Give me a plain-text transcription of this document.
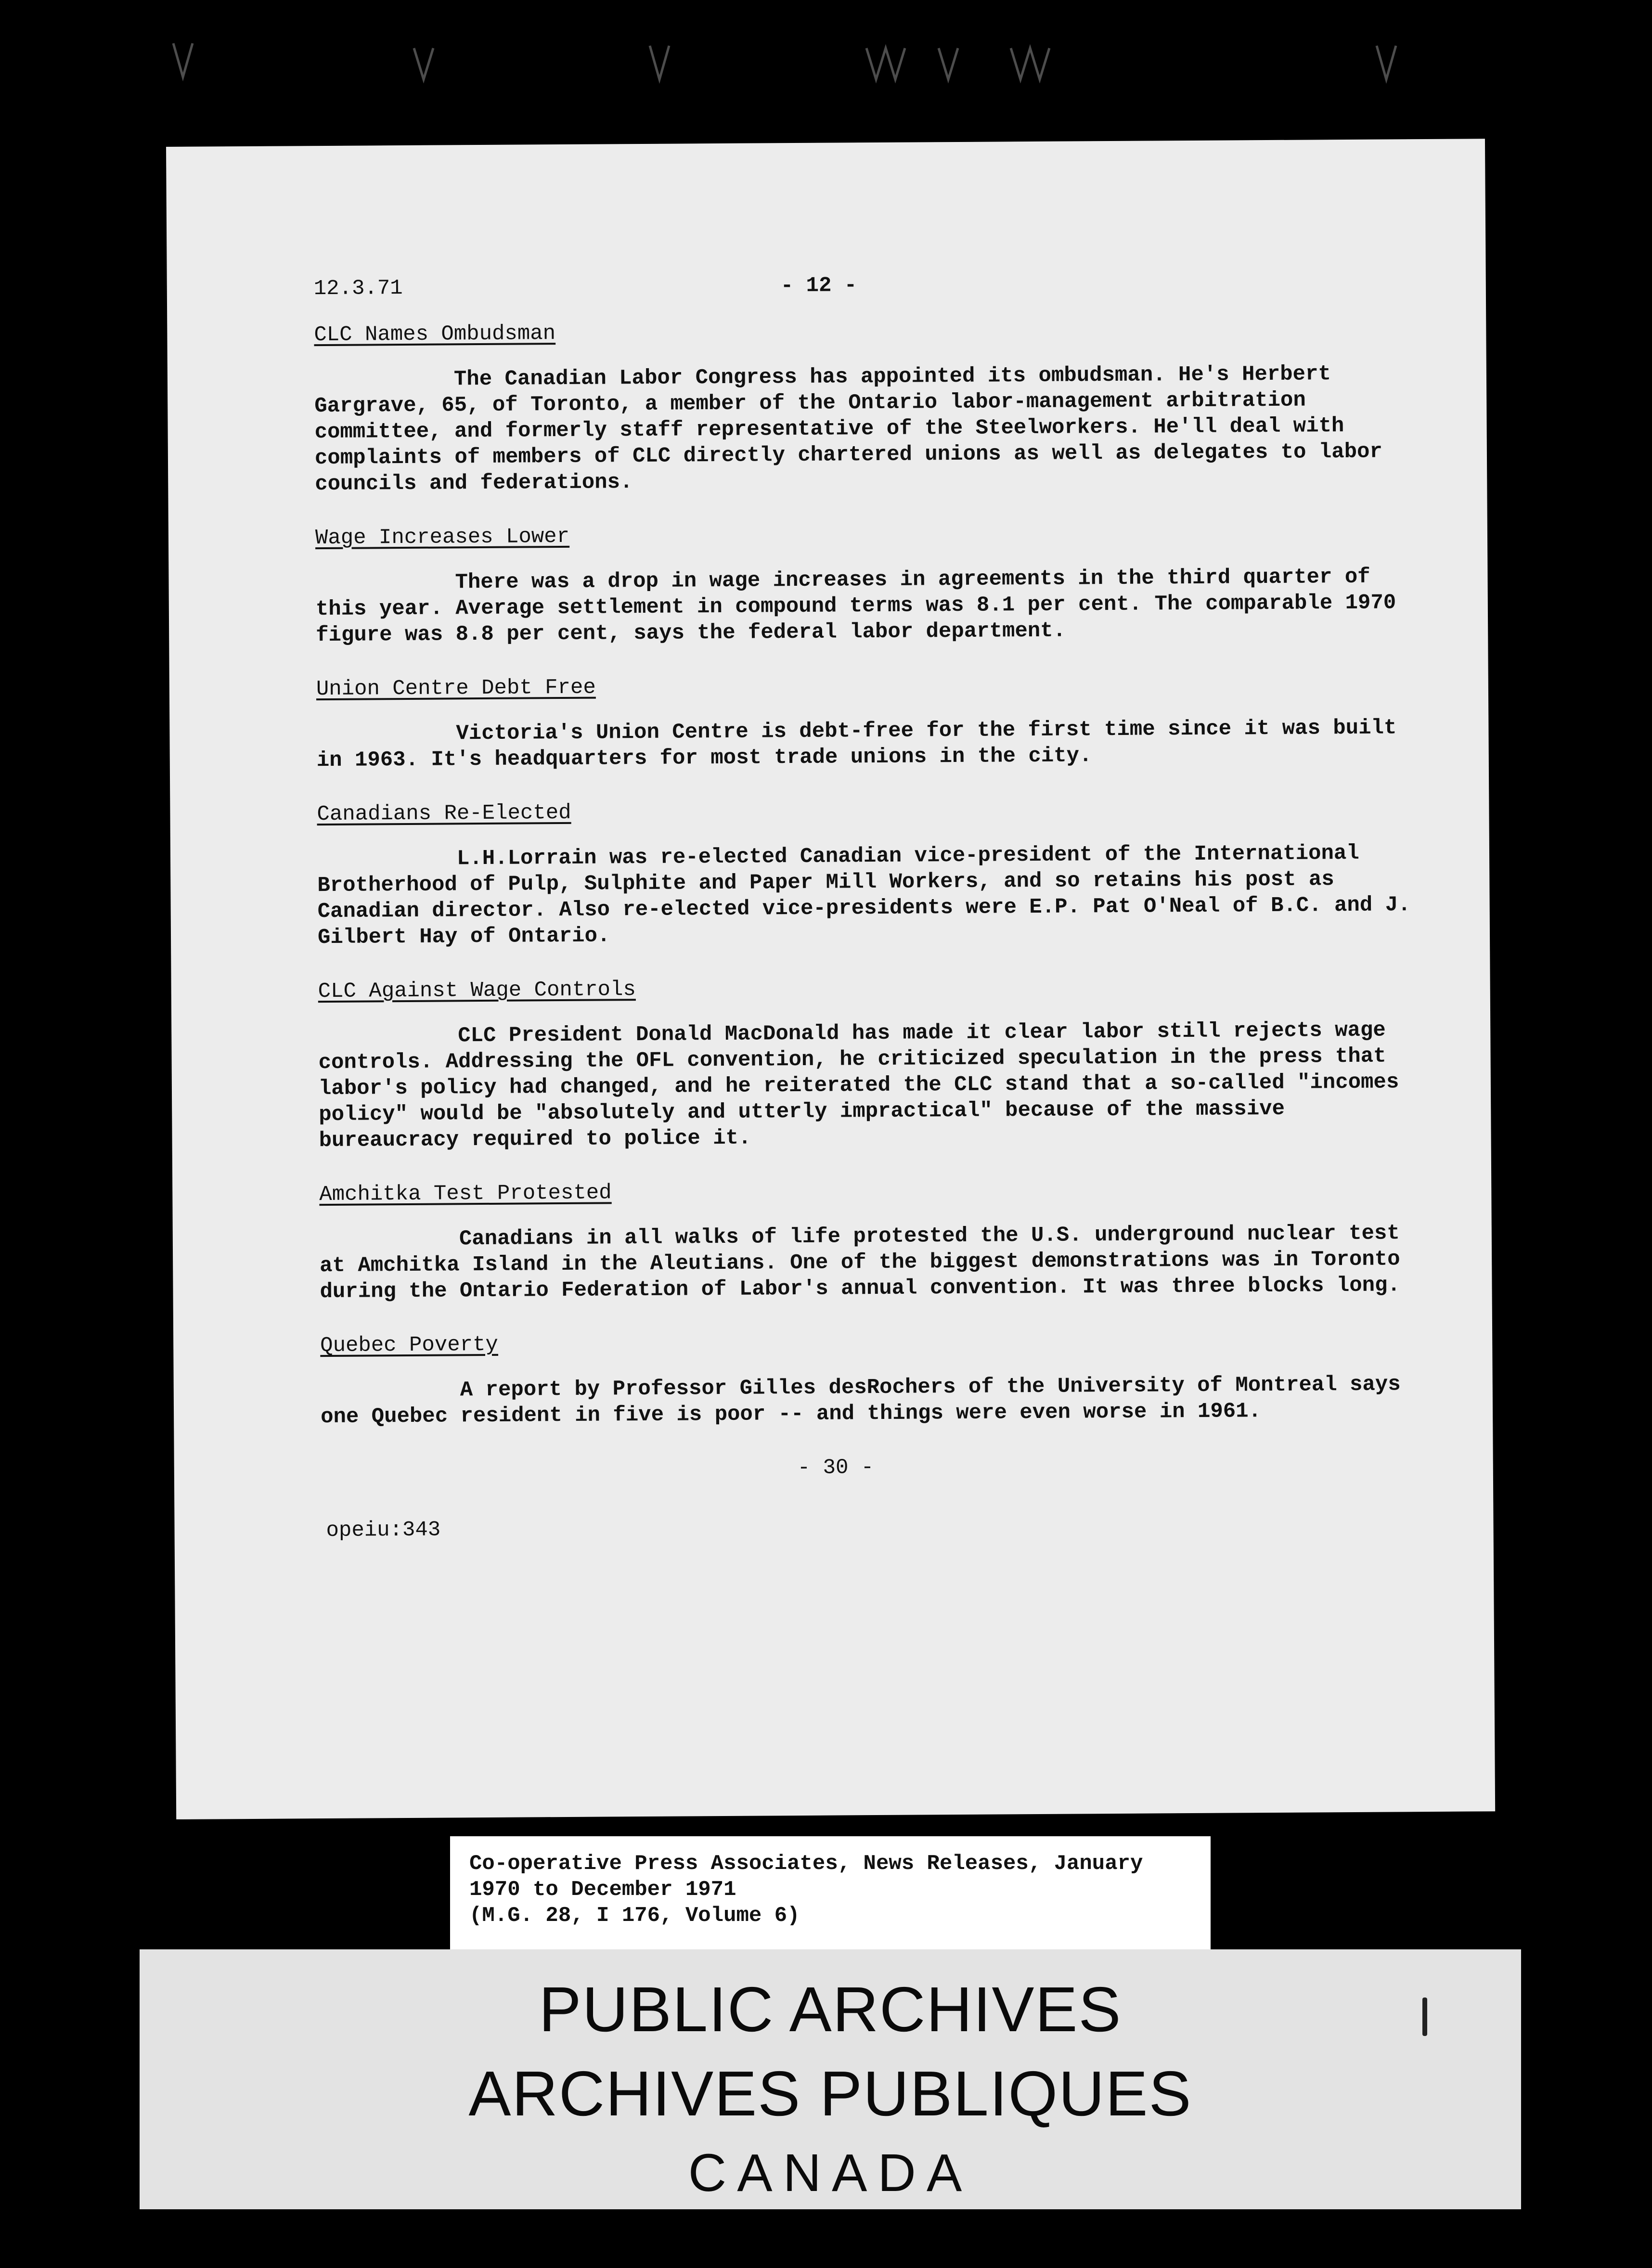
12.3.71	- 12 -
CLC Names Ombudsman

The Canadian Labor Congress has appointed its ombudsman. He's Herbert Gargrave, 65, of Toronto, a member of the Ontario labor-management arbitration committee, and formerly staff representative of the Steelworkers. He'll deal with complaints of members of CLC directly chartered unions as well as delegates to labor councils and federations.

Wage Increases Lower

There was a drop in wage increases in agreements in the third quarter of this year. Average settlement in compound terms was 8.1 per cent. The comparable 1970 figure was 8.8 per cent, says the federal labor department.

Union Centre Debt Free

Victoria's Union Centre is debt-free for the first time since it was built in 1963. It's headquarters for most trade unions in the city.

Canadians Re-Elected

L.H.Lorrain was re-elected Canadian vice-president of the International Brotherhood of Pulp, Sulphite and Paper Mill Workers, and so retains his post as Canadian director. Also re-elected vice-presidents were E.P. Pat O'Neal of B.C. and J. Gilbert Hay of Ontario.

CLC Against Wage Controls

CLC President Donald MacDonald has made it clear labor still rejects wage controls. Addressing the OFL convention, he criticized speculation in the press that labor's policy had changed, and he reiterated the CLC stand that a so-called "incomes policy" would be "absolutely and utterly impractical" because of the massive bureaucracy required to police it.

Amchitka Test Protested

Canadians in all walks of life protested the U.S. underground nuclear test at Amchitka Island in the Aleutians. One of the biggest demonstrations was in Toronto during the Ontario Federation of Labor's annual convention. It was three blocks long.

Quebec Poverty

A report by Professor Gilles desRochers of the University of Montreal says one Quebec resident in five is poor -- and things were even worse in 1961.

- 30 -
opeiu:343
Co-operative Press Associates, News Releases, January
1970 to December 1971
(M.G. 28, I 176, Volume 6)
PUBLIC ARCHIVES
ARCHIVES PUBLIQUES
CANADA
